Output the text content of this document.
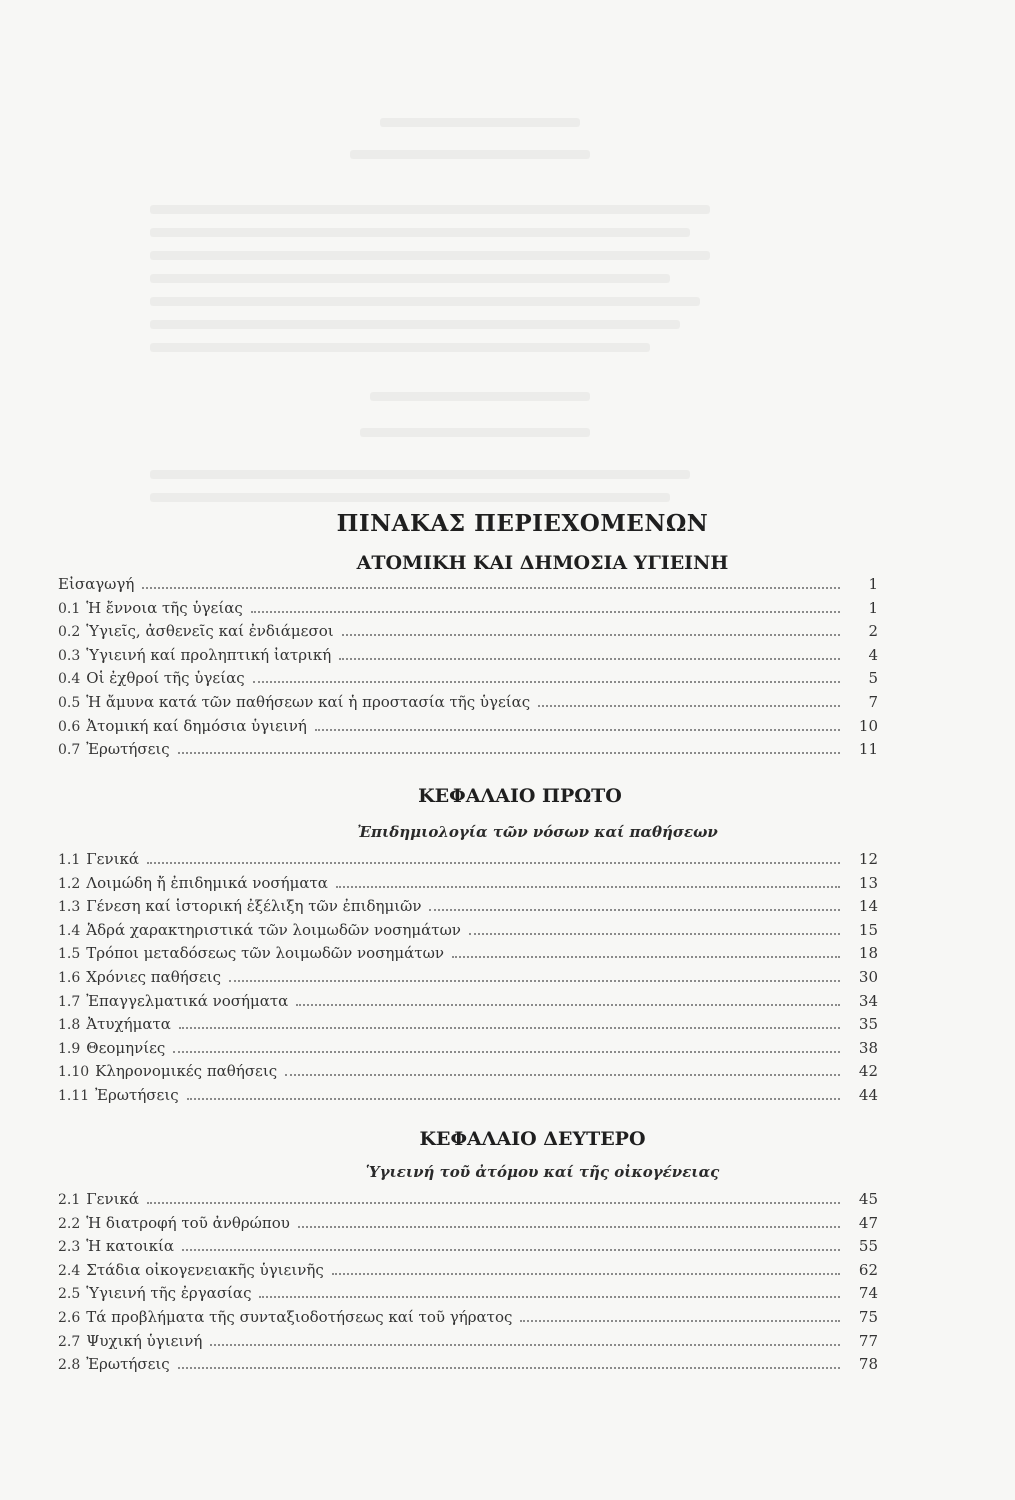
ΠΙΝΑΚΑΣ ΠΕΡΙΕΧΟΜΕΝΩΝ
ΑΤΟΜΙΚΗ ΚΑΙ ΔΗΜΟΣΙΑ ΥΓΙΕΙΝΗ
Εἰσαγωγή	1
0.1 Ἡ ἔννοια τῆς ὑγείας	1
0.2 Ὑγιεῖς, ἀσθενεῖς καί ἐνδιάμεσοι	2
0.3 Ὑγιεινή καί προληπτική ἰατρική	4
0.4 Οἱ ἐχθροί τῆς ὑγείας	5
0.5 Ἡ ἄμυνα κατά τῶν παθήσεων καί ἡ προστασία τῆς ὑγείας	7
0.6 Ἀτομική καί δημόσια ὑγιεινή	10
0.7 Ἐρωτήσεις	11
ΚΕΦΑΛΑΙΟ ΠΡΩΤΟ
Ἐπιδημιολογία τῶν νόσων καί παθήσεων
1.1 Γενικά	12
1.2 Λοιμώδη ἤ ἐπιδημικά νοσήματα	13
1.3 Γένεση καί ἱστορική ἐξέλιξη τῶν ἐπιδημιῶν	14
1.4 Ἁδρά χαρακτηριστικά τῶν λοιμωδῶν νοσημάτων	15
1.5 Τρόποι μεταδόσεως τῶν λοιμωδῶν νοσημάτων	18
1.6 Χρόνιες παθήσεις	30
1.7 Ἐπαγγελματικά νοσήματα	34
1.8 Ἀτυχήματα	35
1.9 Θεομηνίες	38
1.10 Κληρονομικές παθήσεις	42
1.11 Ἐρωτήσεις	44
ΚΕΦΑΛΑΙΟ ΔΕΥΤΕΡΟ
Ὑγιεινή τοῦ ἀτόμου καί τῆς οἰκογένειας
2.1 Γενικά	45
2.2 Ἡ διατροφή τοῦ ἀνθρώπου	47
2.3 Ἡ κατοικία	55
2.4 Στάδια οἰκογενειακῆς ὑγιεινῆς	62
2.5 Ὑγιεινή τῆς ἐργασίας	74
2.6 Τά προβλήματα τῆς συνταξιοδοτήσεως καί τοῦ γήρατος	75
2.7 Ψυχική ὑγιεινή	77
2.8 Ἐρωτήσεις	78
